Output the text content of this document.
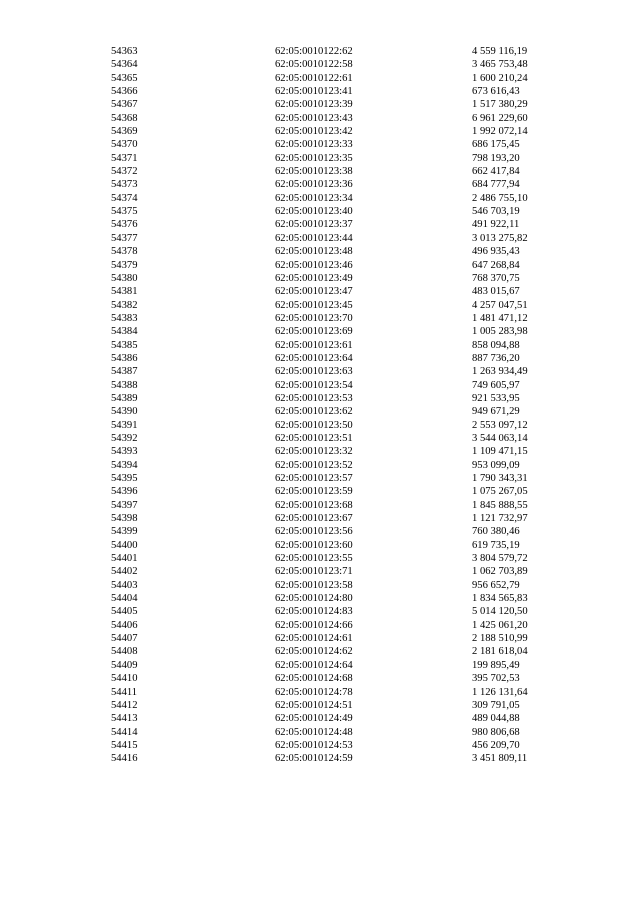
54363	62:05:0010122:62	4 559 116,19
54364	62:05:0010122:58	3 465 753,48
54365	62:05:0010122:61	1 600 210,24
54366	62:05:0010123:41	673 616,43
54367	62:05:0010123:39	1 517 380,29
54368	62:05:0010123:43	6 961 229,60
54369	62:05:0010123:42	1 992 072,14
54370	62:05:0010123:33	686 175,45
54371	62:05:0010123:35	798 193,20
54372	62:05:0010123:38	662 417,84
54373	62:05:0010123:36	684 777,94
54374	62:05:0010123:34	2 486 755,10
54375	62:05:0010123:40	546 703,19
54376	62:05:0010123:37	491 922,11
54377	62:05:0010123:44	3 013 275,82
54378	62:05:0010123:48	496 935,43
54379	62:05:0010123:46	647 268,84
54380	62:05:0010123:49	768 370,75
54381	62:05:0010123:47	483 015,67
54382	62:05:0010123:45	4 257 047,51
54383	62:05:0010123:70	1 481 471,12
54384	62:05:0010123:69	1 005 283,98
54385	62:05:0010123:61	858 094,88
54386	62:05:0010123:64	887 736,20
54387	62:05:0010123:63	1 263 934,49
54388	62:05:0010123:54	749 605,97
54389	62:05:0010123:53	921 533,95
54390	62:05:0010123:62	949 671,29
54391	62:05:0010123:50	2 553 097,12
54392	62:05:0010123:51	3 544 063,14
54393	62:05:0010123:32	1 109 471,15
54394	62:05:0010123:52	953 099,09
54395	62:05:0010123:57	1 790 343,31
54396	62:05:0010123:59	1 075 267,05
54397	62:05:0010123:68	1 845 888,55
54398	62:05:0010123:67	1 121 732,97
54399	62:05:0010123:56	760 380,46
54400	62:05:0010123:60	619 735,19
54401	62:05:0010123:55	3 804 579,72
54402	62:05:0010123:71	1 062 703,89
54403	62:05:0010123:58	956 652,79
54404	62:05:0010124:80	1 834 565,83
54405	62:05:0010124:83	5 014 120,50
54406	62:05:0010124:66	1 425 061,20
54407	62:05:0010124:61	2 188 510,99
54408	62:05:0010124:62	2 181 618,04
54409	62:05:0010124:64	199 895,49
54410	62:05:0010124:68	395 702,53
54411	62:05:0010124:78	1 126 131,64
54412	62:05:0010124:51	309 791,05
54413	62:05:0010124:49	489 044,88
54414	62:05:0010124:48	980 806,68
54415	62:05:0010124:53	456 209,70
54416	62:05:0010124:59	3 451 809,11
